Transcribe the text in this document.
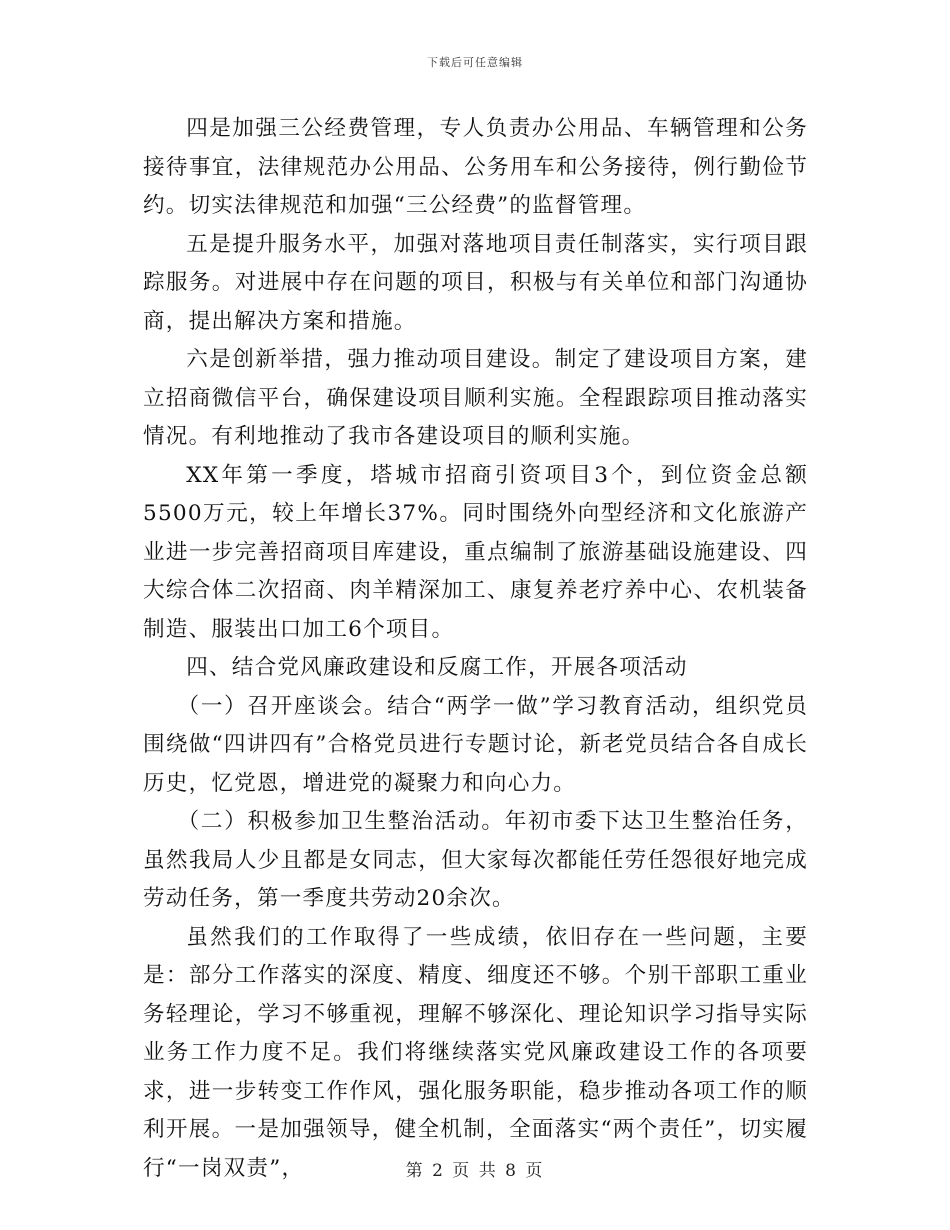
下载后可任意编辑

四是加强三公经费管理，专人负责办公用品、车辆管理和公务接待事宜，法律规范办公用品、公务用车和公务接待，例行勤俭节约。切实法律规范和加强“三公经费”的监督管理。

五是提升服务水平，加强对落地项目责任制落实，实行项目跟踪服务。对进展中存在问题的项目，积极与有关单位和部门沟通协商，提出解决方案和措施。

六是创新举措，强力推动项目建设。制定了建设项目方案，建立招商微信平台，确保建设项目顺利实施。全程跟踪项目推动落实情况。有利地推动了我市各建设项目的顺利实施。

XX年第一季度，塔城市招商引资项目3个，到位资金总额5500万元，较上年增长37%。同时围绕外向型经济和文化旅游产业进一步完善招商项目库建设，重点编制了旅游基础设施建设、四大综合体二次招商、肉羊精深加工、康复养老疗养中心、农机装备制造、服装出口加工6个项目。

四、结合党风廉政建设和反腐工作，开展各项活动

（一）召开座谈会。结合“两学一做”学习教育活动，组织党员围绕做“四讲四有”合格党员进行专题讨论，新老党员结合各自成长历史，忆党恩，增进党的凝聚力和向心力。

（二）积极参加卫生整治活动。年初市委下达卫生整治任务，虽然我局人少且都是女同志，但大家每次都能任劳任怨很好地完成劳动任务，第一季度共劳动20余次。

虽然我们的工作取得了一些成绩，依旧存在一些问题，主要是：部分工作落实的深度、精度、细度还不够。个别干部职工重业务轻理论，学习不够重视，理解不够深化、理论知识学习指导实际业务工作力度不足。我们将继续落实党风廉政建设工作的各项要求，进一步转变工作作风，强化服务职能，稳步推动各项工作的顺利开展。一是加强领导，健全机制，全面落实“两个责任”，切实履行“一岗双责”，	第 2 页 共 8 页
